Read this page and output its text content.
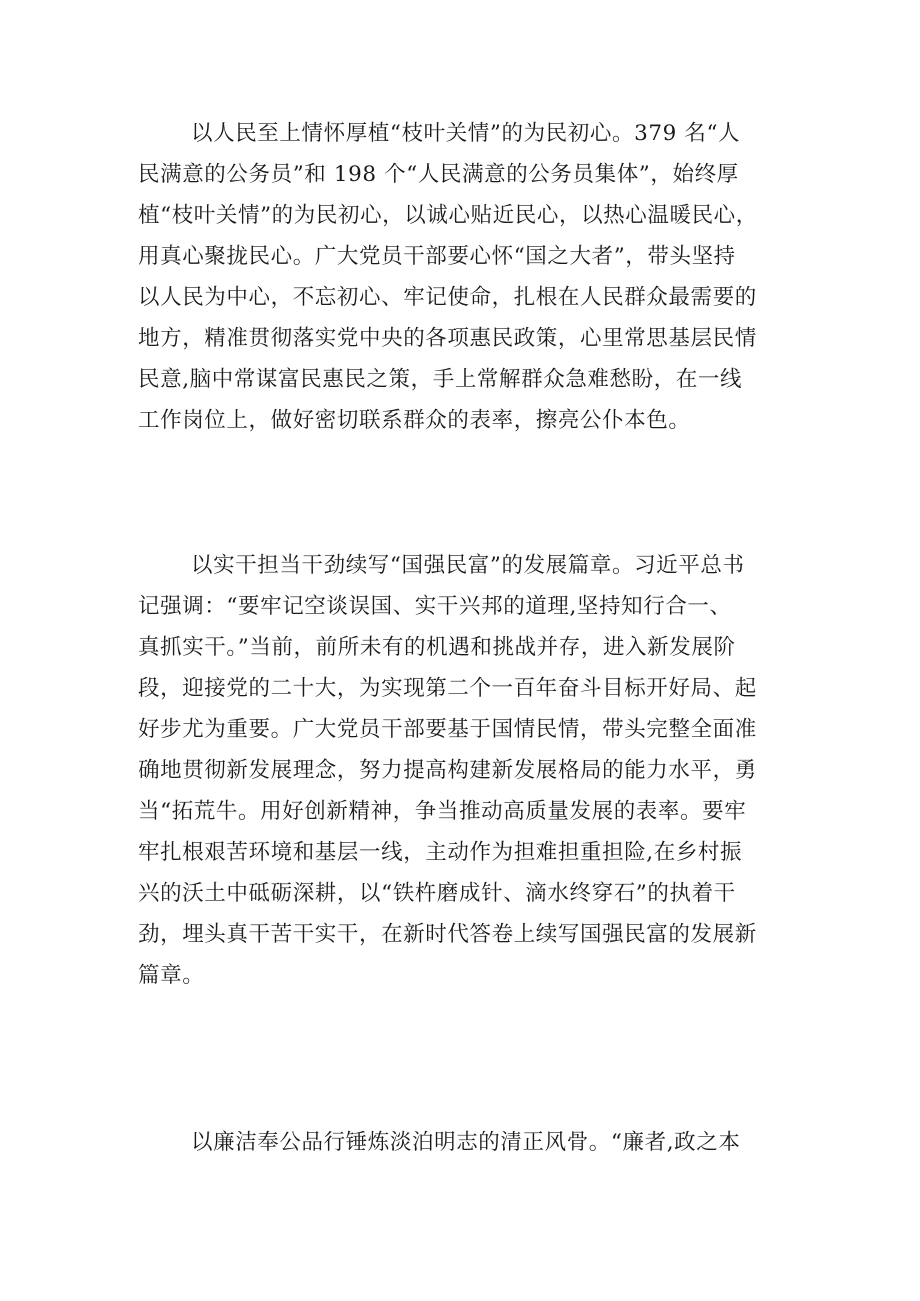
以人民至上情怀厚植“枝叶关情”的为民初心。379 名“人
民满意的公务员”和 198 个“人民满意的公务员集体”，始终厚
植“枝叶关情”的为民初心，以诚心贴近民心，以热心温暖民心，
用真心聚拢民心。广大党员干部要心怀“国之大者”，带头坚持
以人民为中心，不忘初心、牢记使命，扎根在人民群众最需要的
地方，精准贯彻落实党中央的各项惠民政策，心里常思基层民情
民意,脑中常谋富民惠民之策，手上常解群众急难愁盼，在一线
工作岗位上，做好密切联系群众的表率，擦亮公仆本色。
以实干担当干劲续写“国强民富”的发展篇章。习近平总书
记强调：“要牢记空谈误国、实干兴邦的道理,坚持知行合一、
真抓实干。”当前，前所未有的机遇和挑战并存，进入新发展阶
段，迎接党的二十大，为实现第二个一百年奋斗目标开好局、起
好步尤为重要。广大党员干部要基于国情民情，带头完整全面准
确地贯彻新发展理念，努力提高构建新发展格局的能力水平，勇
当“拓荒牛。用好创新精神，争当推动高质量发展的表率。要牢
牢扎根艰苦环境和基层一线，主动作为担难担重担险,在乡村振
兴的沃土中砥砺深耕，以“铁杵磨成针、滴水终穿石”的执着干
劲，埋头真干苦干实干，在新时代答卷上续写国强民富的发展新
篇章。
以廉洁奉公品行锤炼淡泊明志的清正风骨。“廉者,政之本
